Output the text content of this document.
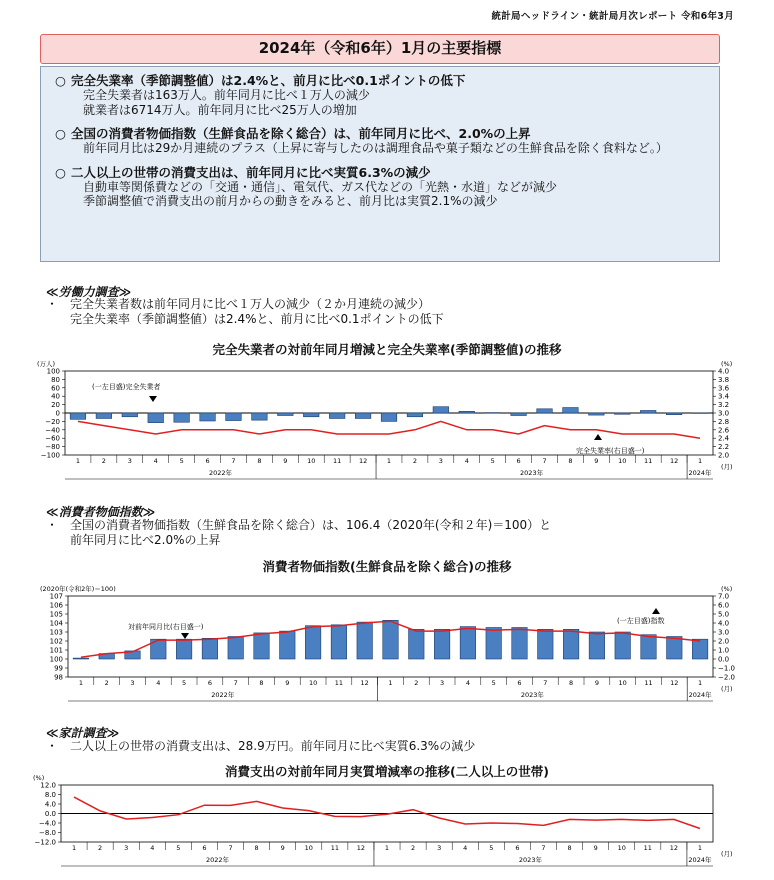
統計局ヘッドライン・統計局月次レポート 令和6年3月
2024年（令和6年）1月の主要指標
○ 完全失業率（季節調整値）は2.4%と、前月に比べ0.1ポイントの低下
完全失業者は163万人。前年同月に比べ１万人の減少
就業者は6714万人。前年同月に比べ25万人の増加
○ 全国の消費者物価指数（生鮮食品を除く総合）は、前年同月に比べ、2.0%の上昇
前年同月比は29か月連続のプラス（上昇に寄与したのは調理食品や菓子類などの生鮮食品を除く食料など。）
○ 二人以上の世帯の消費支出は、前年同月に比べ実質6.3%の減少
自動車等関係費などの「交通・通信」、電気代、ガス代などの「光熱・水道」などが減少
季節調整値で消費支出の前月からの動きをみると、前月比は実質2.1%の減少
≪労働力調査≫
・ 完全失業者数は前年同月に比べ１万人の減少（２か月連続の減少）
完全失業率（季節調整値）は2.4%と、前月に比べ0.1ポイントの低下
完全失業者の対前年同月増減と完全失業率(季節調整値)の推移
≪消費者物価指数≫
・ 全国の消費者物価指数（生鮮食品を除く総合）は、106.4（2020年(令和２年)＝100）と
前年同月に比べ2.0%の上昇
消費者物価指数(生鮮食品を除く総合)の推移
≪家計調査≫
・ 二人以上の世帯の消費支出は、28.9万円。前年同月に比べ実質6.3%の減少
消費支出の対前年同月実質増減率の推移(二人以上の世帯)
100
80
60
40
20
0
−20
−40
−60
−80
−100
4.0
3.8
3.6
3.4
3.2
3.0
2.8
2.6
2.4
2.2
2.0
(万人)	(%)
1	2	3	4	5	6	7	8	9	10	11	12	1	2	3	4	5	6	7	8	9	10	11	12	1
2022年	2023年	2024年
(月)
(一左目盛)完全失業者
完全失業率(右目盛一)
107
106
105
104
103
102
101
100
99
98
7.0
6.0
5.0
4.0
3.0
2.0
1.0
0.0
−1.0
−2.0
(2020年(令和2年)＝100)	(%)
1	2	3	4	5	6	7	8	9	10	11	12	1	2	3	4	5	6	7	8	9	10	11	12	1
2022年	2023年	2024年
(月)
対前年同月比(右目盛一)
(一左目盛)指数
12.0
8.0
4.0
0.0
−4.0
−8.0
−12.0
(%)
1	2	3	4	5	6	7	8	9	10	11	12	1	2	3	4	5	6	7	8	9	10	11	12	1
2022年	2023年	2024年
(月)
